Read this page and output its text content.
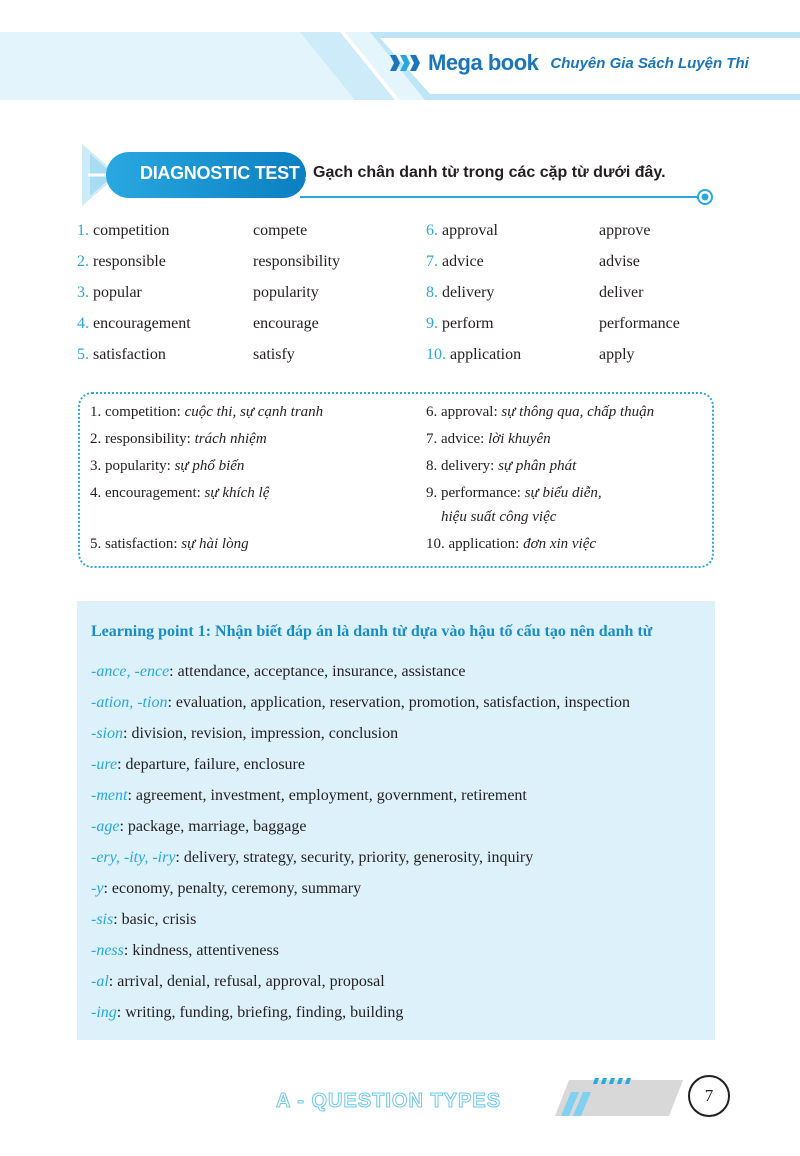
Mega book Chuyên Gia Sách Luyện Thi
DIAGNOSTIC TEST 1 Gạch chân danh từ trong các cặp từ dưới đây.
1. competition	compete
2. responsible	responsibility
3. popular	popularity
4. encouragement	encourage
5. satisfaction	satisfy
6. approval	approve
7. advice	advise
8. delivery	deliver
9. perform	performance
10. application	apply
1. competition: cuộc thi, sự cạnh tranh
2. responsibility: trách nhiệm
3. popularity: sự phổ biến
4. encouragement: sự khích lệ
5. satisfaction: sự hài lòng
6. approval: sự thông qua, chấp thuận
7. advice: lời khuyên
8. delivery: sự phân phát
9. performance: sự biểu diễn,
hiệu suất công việc
10. application: đơn xin việc
Learning point 1: Nhận biết đáp án là danh từ dựa vào hậu tố cấu tạo nên danh từ
-ance, -ence: attendance, acceptance, insurance, assistance
-ation, -tion: evaluation, application, reservation, promotion, satisfaction, inspection
-sion: division, revision, impression, conclusion
-ure: departure, failure, enclosure
-ment: agreement, investment, employment, government, retirement
-age: package, marriage, baggage
-ery, -ity, -iry: delivery, strategy, security, priority, generosity, inquiry
-y: economy, penalty, ceremony, summary
-sis: basic, crisis
-ness: kindness, attentiveness
-al: arrival, denial, refusal, approval, proposal
-ing: writing, funding, briefing, finding, building
A - QUESTION TYPES	7
